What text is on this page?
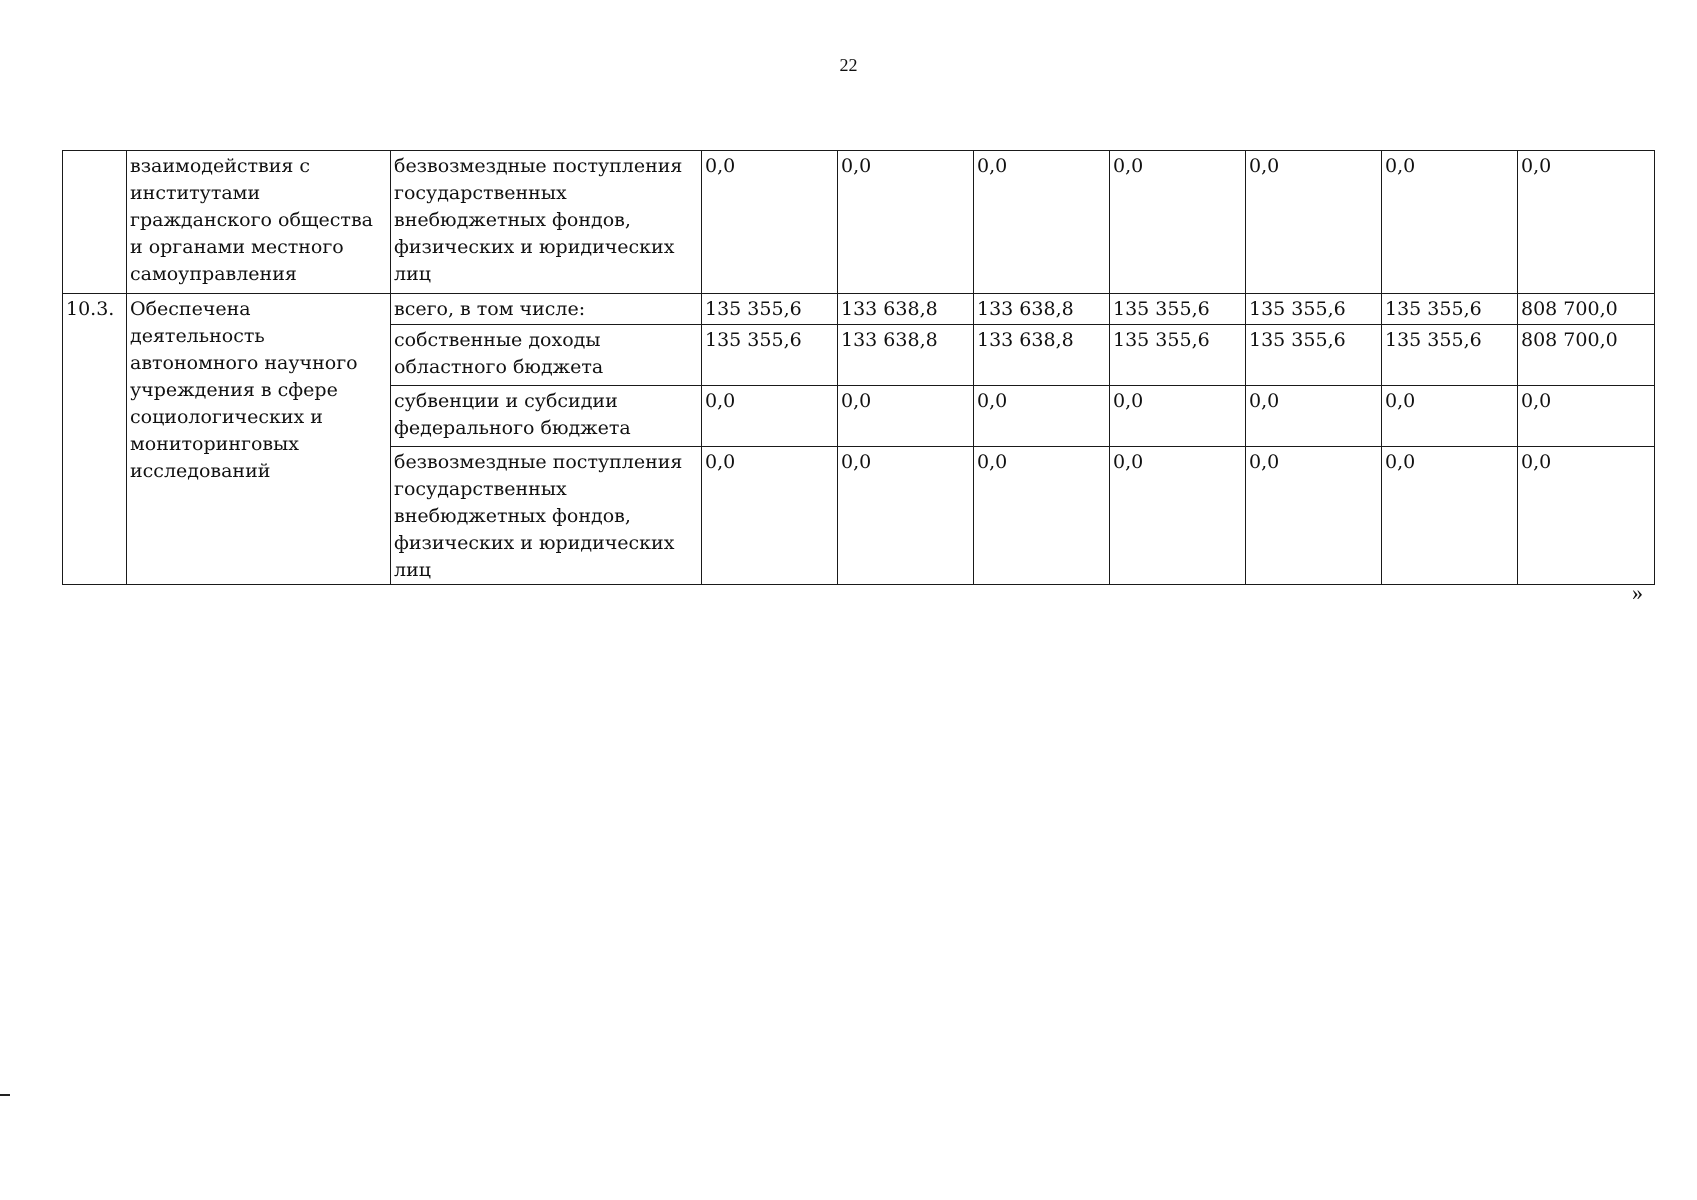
22
	взаимодействия с институтами гражданского общества и органами местного самоуправления	безвозмездные поступления государственных внебюджетных фондов, физических и юридических лиц	0,0	0,0	0,0	0,0	0,0	0,0	0,0
10.3.	Обеспечена деятельность автономного научного учреждения в сфере социологических и мониторинговых исследований	всего, в том числе:	135 355,6	133 638,8	133 638,8	135 355,6	135 355,6	135 355,6	808 700,0
		собственные доходы областного бюджета	135 355,6	133 638,8	133 638,8	135 355,6	135 355,6	135 355,6	808 700,0
		субвенции и субсидии федерального бюджета	0,0	0,0	0,0	0,0	0,0	0,0	0,0
		безвозмездные поступления государственных внебюджетных фондов, физических и юридических лиц	0,0	0,0	0,0	0,0	0,0	0,0	0,0
»
